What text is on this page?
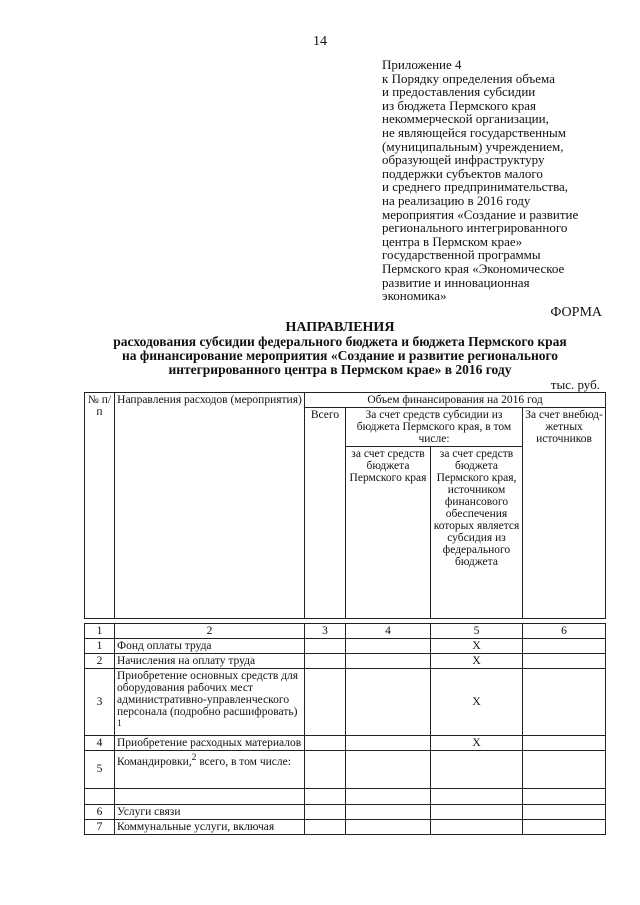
14
Приложение 4
к Порядку определения объема
и предоставления субсидии
из бюджета Пермского края
некоммерческой организации,
не являющейся государственным
(муниципальным) учреждением,
образующей инфраструктуру
поддержки субъектов малого
и среднего предпринимательства,
на реализацию в 2016 году
мероприятия «Создание и развитие
регионального интегрированного
центра в Пермском крае»
государственной программы
Пермского края «Экономическое
развитие и инновационная
экономика»
ФОРМА
НАПРАВЛЕНИЯ
расходования субсидии федерального бюджета и бюджета Пермского края
на финансирование мероприятия «Создание и развитие регионального
интегрированного центра в Пермском крае» в 2016 году
тыс. руб.
№ п/п	Направления расходов (мероприятия)	Объем финансирования на 2016 год			
		Всего	За счет средств субсидии из бюджета Пермского края, в том числе:		За счет внебюд-жетных источников
			за счет средств бюджета Пермского края	за счет средств бюджета Пермского края, источником финансового обеспечения которых является субсидия из федерального бюджета	

1	2	3	4	5	6
1	Фонд оплаты труда			Х	
2	Начисления на оплату труда			Х	
3	Приобретение основных средств для оборудования рабочих мест административно-управленческого персонала (подробно расшифровать) $^1$			Х	
4	Приобретение расходных материалов			Х	
5	Командировки,$^2$ всего, в том числе:				

6	Услуги связи				
7	Коммунальные услуги, включая				
